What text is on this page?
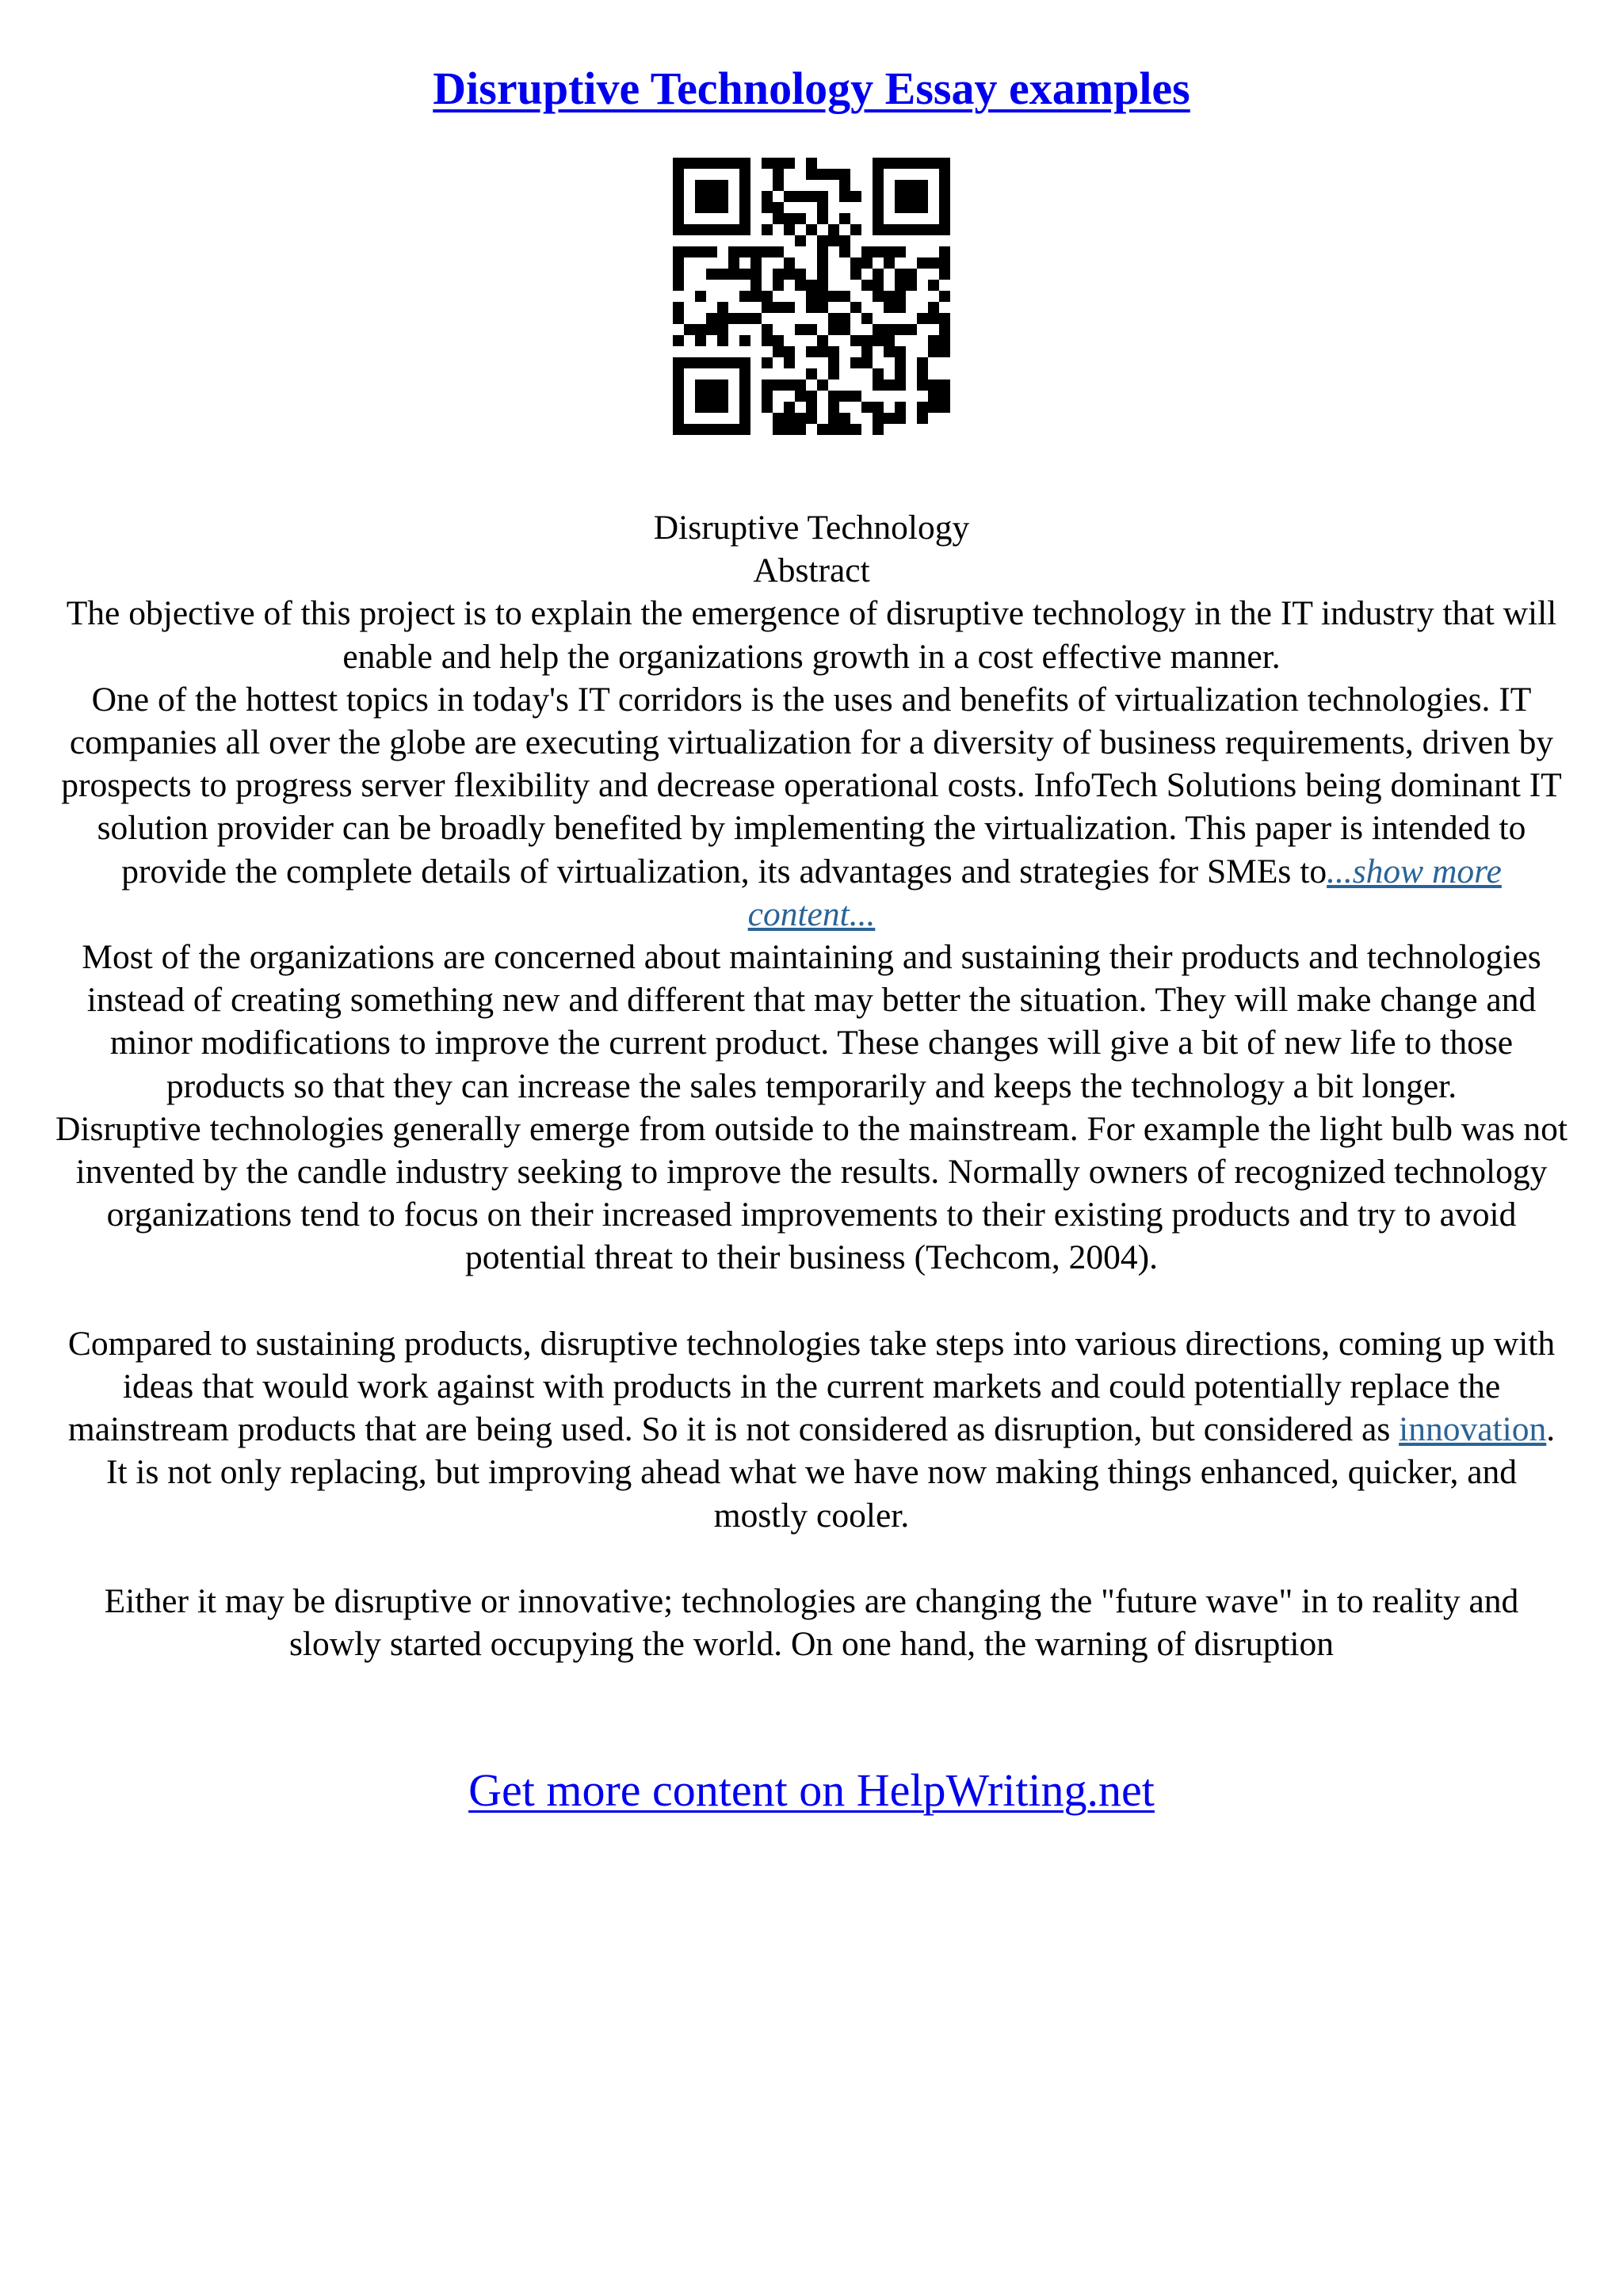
Disruptive Technology Essay examples

Disruptive Technology

Abstract

The objective of this project is to explain the emergence of disruptive technology in the IT industry that will enable and help the organizations growth in a cost effective manner.

One of the hottest topics in today's IT corridors is the uses and benefits of virtualization technologies. IT companies all over the globe are executing virtualization for a diversity of business requirements, driven by prospects to progress server flexibility and decrease operational costs. InfoTech Solutions being dominant IT solution provider can be broadly benefited by implementing the virtualization. This paper is intended to provide the complete details of virtualization, its advantages and strategies for SMEs to...show more content...

Most of the organizations are concerned about maintaining and sustaining their products and technologies instead of creating something new and different that may better the situation. They will make change and minor modifications to improve the current product. These changes will give a bit of new life to those products so that they can increase the sales temporarily and keeps the technology a bit longer.

Disruptive technologies generally emerge from outside to the mainstream. For example the light bulb was not invented by the candle industry seeking to improve the results. Normally owners of recognized technology organizations tend to focus on their increased improvements to their existing products and try to avoid potential threat to their business (Techcom, 2004).

Compared to sustaining products, disruptive technologies take steps into various directions, coming up with ideas that would work against with products in the current markets and could potentially replace the mainstream products that are being used. So it is not considered as disruption, but considered as innovation. It is not only replacing, but improving ahead what we have now making things enhanced, quicker, and mostly cooler.

Either it may be disruptive or innovative; technologies are changing the "future wave" in to reality and slowly started occupying the world. On one hand, the warning of disruption

Get more content on HelpWriting.net
